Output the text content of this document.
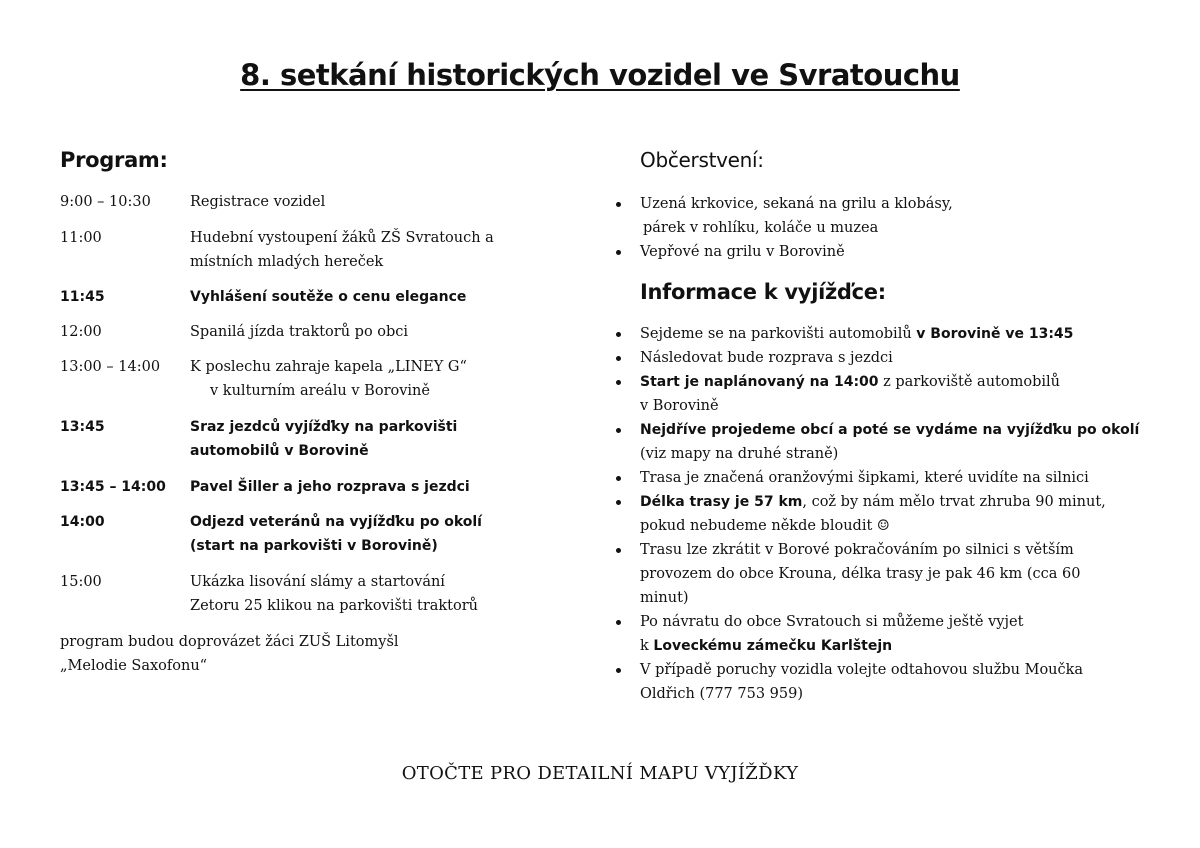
8. setkání historických vozidel ve Svratouchu
Program:
9:00 – 10:30	Registrace vozidel
11:00	Hudební vystoupení žáků ZŠ Svratouch a
místních mladých hereček
11:45	Vyhlášení soutěže o cenu elegance
12:00	Spanilá jízda traktorů po obci
13:00 – 14:00 K poslechu zahraje kapela „LINEY G“
v kulturním areálu v Borovině
13:45	Sraz jezdců vyjížďky na parkovišti
automobilů v Borovině
13:45 – 14:00 Pavel Šiller a jeho rozprava s jezdci
14:00	Odjezd veteránů na vyjížďku po okolí
(start na parkovišti v Borovině)
15:00	Ukázka lisování slámy a startování
Zetoru 25 klikou na parkovišti traktorů
program budou doprovázet žáci ZUŠ Litomyšl
„Melodie Saxofonu“
Občerstvení:
Uzená krkovice, sekaná na grilu a klobásy,
párek v rohlíku, koláče u muzea
Vepřové na grilu v Borovině
Informace k vyjížďce:
Sejdeme se na parkovišti automobilů v Borovině ve 13:45
Následovat bude rozprava s jezdci
Start je naplánovaný na 14:00 z parkoviště automobilů
v Borovině
Nejdříve projedeme obcí a poté se vydáme na vyjížďku po okolí
(viz mapy na druhé straně)
Trasa je značená oranžovými šipkami, které uvidíte na silnici
Délka trasy je 57 km, což by nám mělo trvat zhruba 90 minut,
pokud nebudeme někde bloudit ☺
Trasu lze zkrátit v Borové pokračováním po silnici s větším
provozem do obce Krouna, délka trasy je pak 46 km (cca 60
minut)
Po návratu do obce Svratouch si můžeme ještě vyjet
k Loveckému zámečku Karlštejn
V případě poruchy vozidla volejte odtahovou službu Moučka
Oldřich (777 753 959)
OTOČTE PRO DETAILNÍ MAPU VYJÍŽĎKY
